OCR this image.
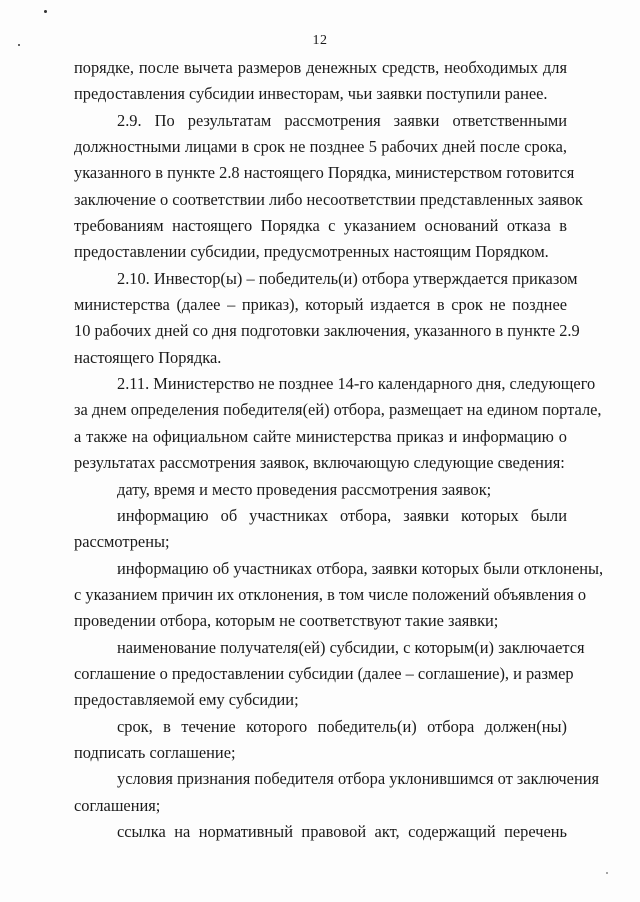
12
порядке, после вычета размеров денежных средств, необходимых для
предоставления субсидии инвесторам, чьи заявки поступили ранее.
2.9. По результатам рассмотрения заявки ответственными
должностными лицами в срок не позднее 5 рабочих дней после срока,
указанного в пункте 2.8 настоящего Порядка, министерством готовится
заключение о соответствии либо несоответствии представленных заявок
требованиям настоящего Порядка с указанием оснований отказа в
предоставлении субсидии, предусмотренных настоящим Порядком.
2.10. Инвестор(ы) – победитель(и) отбора утверждается приказом
министерства (далее – приказ), который издается в срок не позднее
10 рабочих дней со дня подготовки заключения, указанного в пункте 2.9
настоящего Порядка.
2.11. Министерство не позднее 14-го календарного дня, следующего
за днем определения победителя(ей) отбора, размещает на едином портале,
а также на официальном сайте министерства приказ и информацию о
результатах рассмотрения заявок, включающую следующие сведения:
дату, время и место проведения рассмотрения заявок;
информацию об участниках отбора, заявки которых были
рассмотрены;
информацию об участниках отбора, заявки которых были отклонены,
с указанием причин их отклонения, в том числе положений объявления о
проведении отбора, которым не соответствуют такие заявки;
наименование получателя(ей) субсидии, с которым(и) заключается
соглашение о предоставлении субсидии (далее – соглашение), и размер
предоставляемой ему субсидии;
срок, в течение которого победитель(и) отбора должен(ны)
подписать соглашение;
условия признания победителя отбора уклонившимся от заключения
соглашения;
ссылка на нормативный правовой акт, содержащий перечень
